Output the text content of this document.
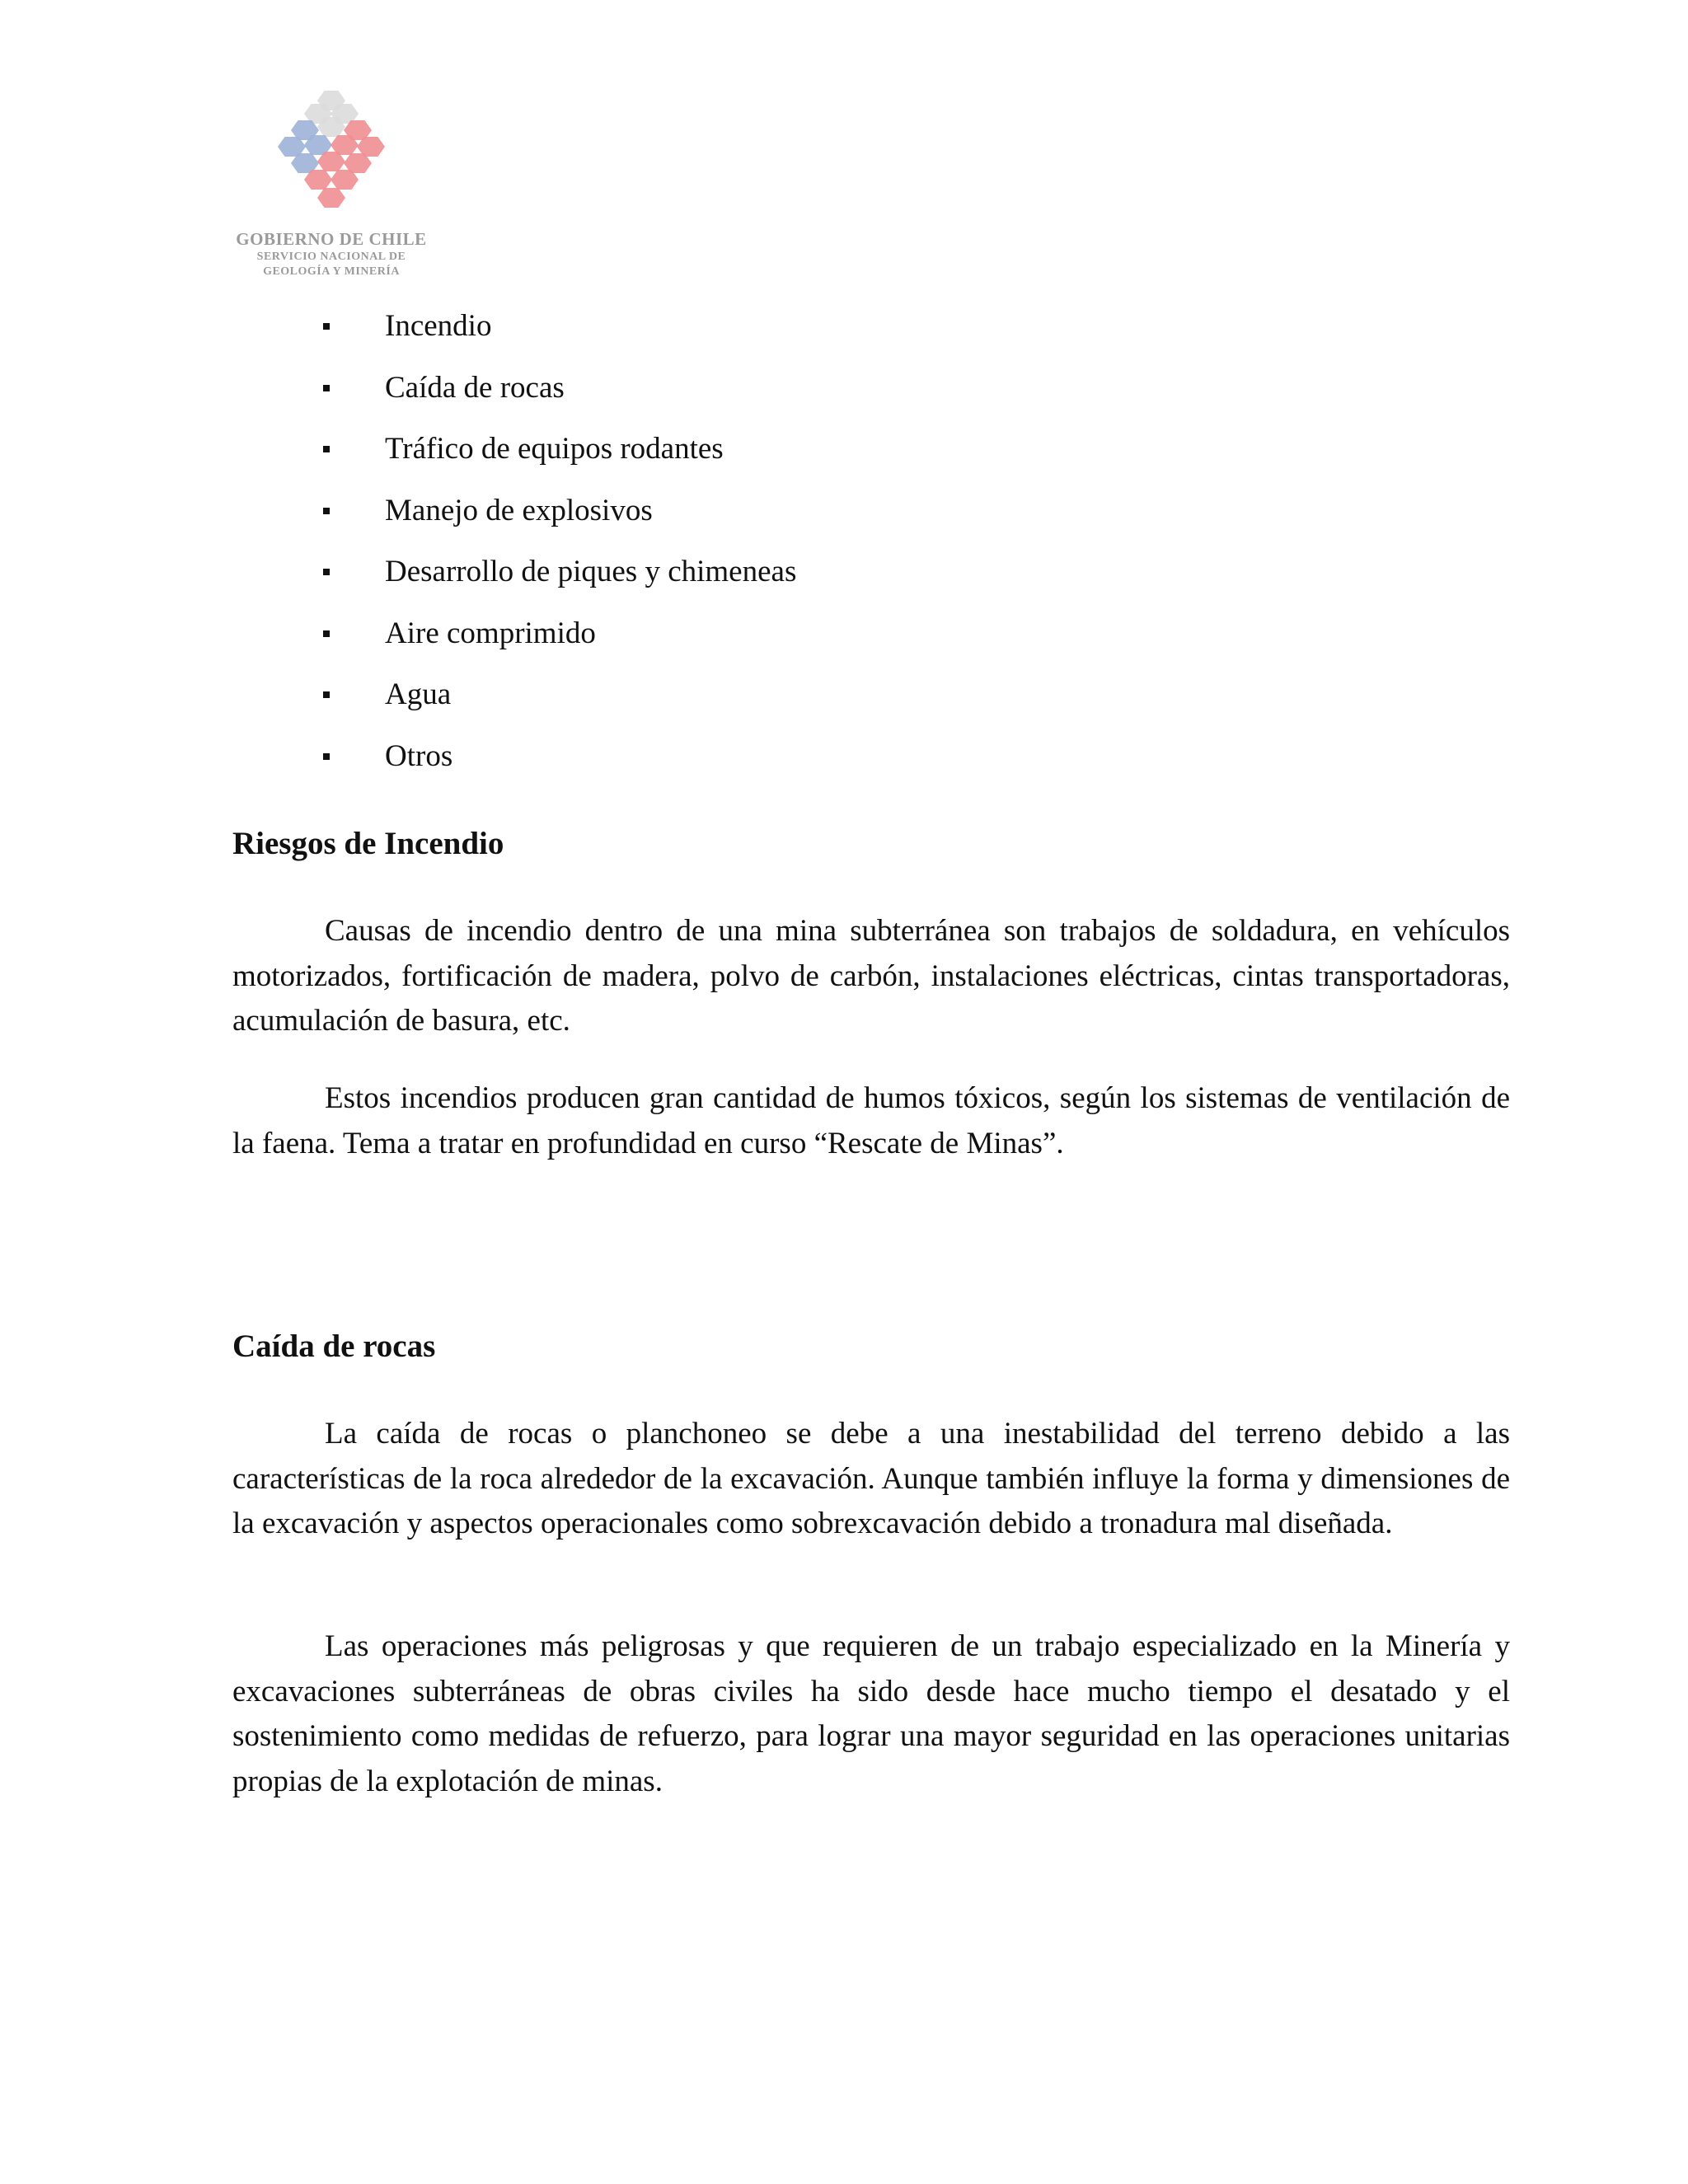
GOBIERNO DE CHILE
SERVICIO NACIONAL DE
GEOLOGÍA Y MINERÍA
Incendio
Caída de rocas
Tráfico de equipos rodantes
Manejo de explosivos
Desarrollo de piques y chimeneas
Aire comprimido
Agua
Otros
Riesgos de Incendio

Causas de incendio dentro de una mina subterránea son trabajos de soldadura, en vehículos motorizados, fortificación de madera, polvo de carbón, instalaciones eléctricas, cintas transportadoras, acumulación de basura, etc.

Estos incendios producen gran cantidad de humos tóxicos, según los sistemas de ventilación de la faena. Tema a tratar en profundidad en curso “Rescate de Minas”.

Caída de rocas

La caída de rocas o planchoneo se debe a una inestabilidad del terreno debido a las características de la roca alrededor de la excavación. Aunque también influye la forma y dimensiones de la excavación y aspectos operacionales como sobrexcavación debido a tronadura mal diseñada.

Las operaciones más peligrosas y que requieren de un trabajo especializado en la Minería y excavaciones subterráneas de obras civiles ha sido desde hace mucho tiempo el desatado y el sostenimiento como medidas de refuerzo, para lograr una mayor seguridad en las operaciones unitarias propias de la explotación de minas.
